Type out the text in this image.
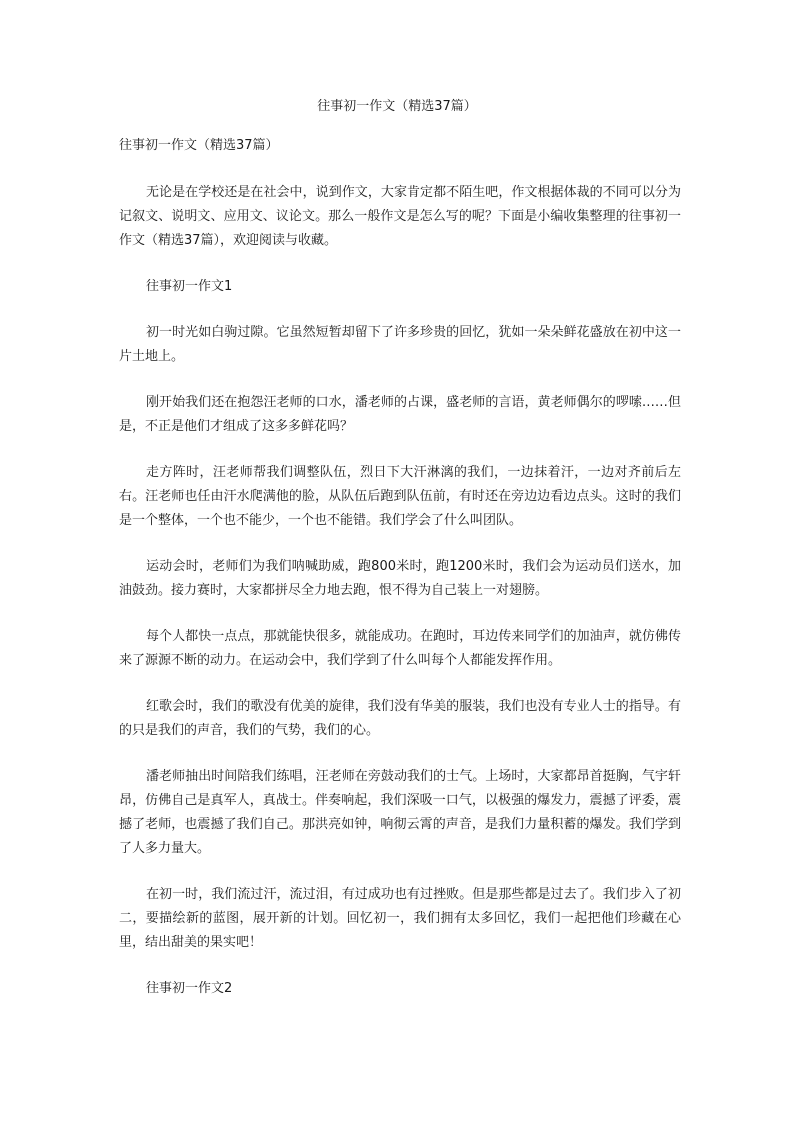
往事初一作文（精选37篇）
往事初一作文（精选37篇）

无论是在学校还是在社会中，说到作文，大家肯定都不陌生吧，作文根据体裁的不同可以分为记叙文、说明文、应用文、议论文。那么一般作文是怎么写的呢？下面是小编收集整理的往事初一作文（精选37篇），欢迎阅读与收藏。

往事初一作文1

初一时光如白驹过隙。它虽然短暂却留下了许多珍贵的回忆，犹如一朵朵鲜花盛放在初中这一片土地上。

刚开始我们还在抱怨汪老师的口水，潘老师的占课，盛老师的言语，黄老师偶尔的啰嗦……但是，不正是他们才组成了这多多鲜花吗？

走方阵时，汪老师帮我们调整队伍，烈日下大汗淋漓的我们，一边抹着汗，一边对齐前后左右。汪老师也任由汗水爬满他的脸，从队伍后跑到队伍前，有时还在旁边边看边点头。这时的我们是一个整体，一个也不能少，一个也不能错。我们学会了什么叫团队。

运动会时，老师们为我们呐喊助威，跑800米时，跑1200米时，我们会为运动员们送水，加油鼓劲。接力赛时，大家都拼尽全力地去跑，恨不得为自己装上一对翅膀。

每个人都快一点点，那就能快很多，就能成功。在跑时，耳边传来同学们的加油声，就仿佛传来了源源不断的动力。在运动会中，我们学到了什么叫每个人都能发挥作用。

红歌会时，我们的歌没有优美的旋律，我们没有华美的服装，我们也没有专业人士的指导。有的只是我们的声音，我们的气势，我们的心。

潘老师抽出时间陪我们练唱，汪老师在旁鼓动我们的士气。上场时，大家都昂首挺胸，气宇轩昂，仿佛自己是真军人，真战士。伴奏响起，我们深吸一口气，以极强的爆发力，震撼了评委，震撼了老师，也震撼了我们自己。那洪亮如钟，响彻云霄的声音，是我们力量积蓄的爆发。我们学到了人多力量大。

在初一时，我们流过汗，流过泪，有过成功也有过挫败。但是那些都是过去了。我们步入了初二，要描绘新的蓝图，展开新的计划。回忆初一，我们拥有太多回忆，我们一起把他们珍藏在心里，结出甜美的果实吧！

往事初一作文2
